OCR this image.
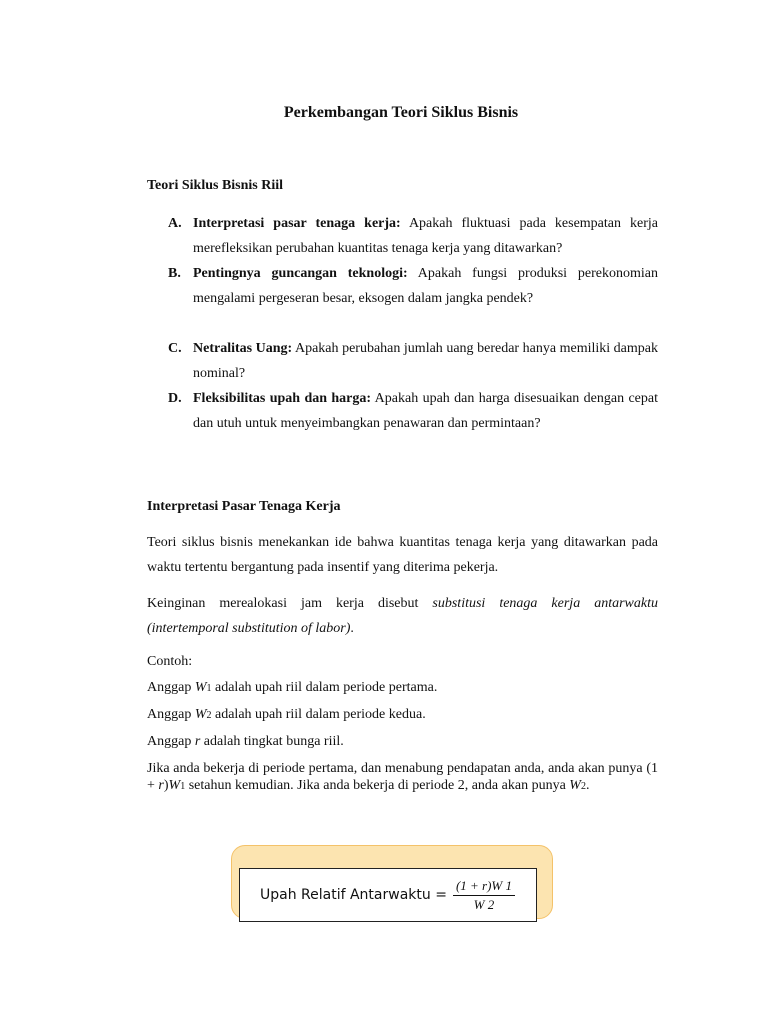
Perkembangan Teori Siklus Bisnis
Teori Siklus Bisnis Riil
A. Interpretasi pasar tenaga kerja: Apakah fluktuasi pada kesempatan kerja merefleksikan perubahan kuantitas tenaga kerja yang ditawarkan?
B. Pentingnya guncangan teknologi: Apakah fungsi produksi perekonomian mengalami pergeseran besar, eksogen dalam jangka pendek?
C. Netralitas Uang: Apakah perubahan jumlah uang beredar hanya memiliki dampak nominal?
D. Fleksibilitas upah dan harga: Apakah upah dan harga disesuaikan dengan cepat dan utuh untuk menyeimbangkan penawaran dan permintaan?
Interpretasi Pasar Tenaga Kerja

Teori siklus bisnis menekankan ide bahwa kuantitas tenaga kerja yang ditawarkan pada waktu tertentu bergantung pada insentif yang diterima pekerja.

Keinginan merealokasi jam kerja disebut substitusi tenaga kerja antarwaktu (intertemporal substitution of labor).

Contoh:

Anggap W1 adalah upah riil dalam periode pertama.

Anggap W2 adalah upah riil dalam periode kedua.

Anggap r adalah tingkat bunga riil.

Jika anda bekerja di periode pertama, dan menabung pendapatan anda, anda akan punya (1 + r)W1 setahun kemudian. Jika anda bekerja di periode 2, anda akan punya W2.

Upah Relatif Antarwaktu = $\frac{(1 + r)W 1}{W 2}$
